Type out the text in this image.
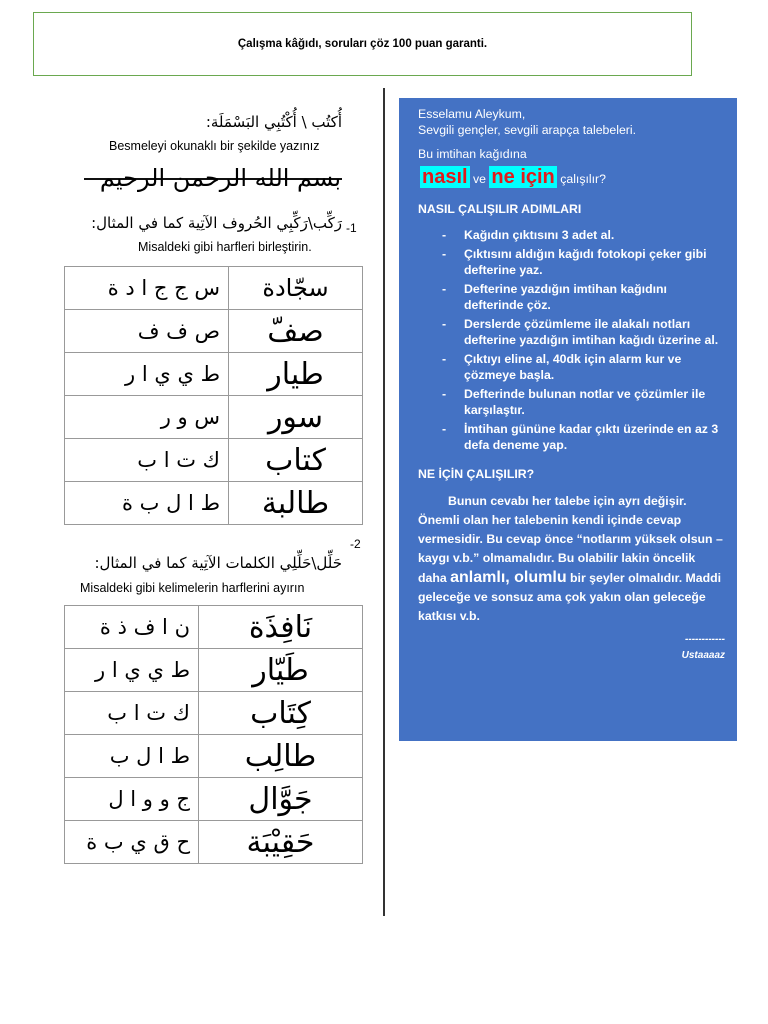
Çalışma kâğıdı, soruları çöz 100 puan garanti.
أُكتُب \ أُكْتُبِي البَسْمَلَة:
Besmeleyi okunaklı bir şekilde yazınız
بسم الله الرحمن الرحيم
-1
رَكِّب\رَكِّبِي الحُروف الآتِية كما في المثال:
Misaldeki gibi harfleri birleştirin.
س ج ج ا د ة	سجّادة
ص ف ف	صفّ
ط ي ي ا ر	طيار
س و ر	سور
ك ت ا ب	كتاب
ط ا ل ب ة	طالبة
-2
حَلِّل\حَلِّلِي الكلمات الآتِية كما في المثال:
Misaldeki gibi kelimelerin harflerini ayırın
ن ا ف ذ ة	نَافِذَة
ط ي ي ا ر	طَيّار
ك ت ا ب	كِتَاب
ط ا ل ب	طالِب
ج و و ا ل	جَوَّال
ح ق ي ب ة	حَقِيْبَة

Esselamu Aleykum,

Sevgili gençler, sevgili arapça talebeleri.

Bu imtihan kağıdına

nasıl ve ne için çalışılır?

NASIL ÇALIŞILIR ADIMLARI

- Kağıdın çıktısını 3 adet al.
- Çıktısını aldığın kağıdı fotokopi çeker gibi defterine yaz.
- Defterine yazdığın imtihan kağıdını defterinde çöz.
- Derslerde çözümleme ile alakalı notları defterine yazdığın imtihan kağıdı üzerine al.
- Çıktıyı eline al, 40dk için alarm kur ve çözmeye başla.
- Defterinde bulunan notlar ve çözümler ile karşılaştır.
- İmtihan gününe kadar çıktı üzerinde en az 3 defa deneme yap.

NE İÇİN ÇALIŞILIR?

Bunun cevabı her talebe için ayrı değişir. Önemli olan her talebenin kendi içinde cevap vermesidir. Bu cevap önce “notlarım yüksek olsun – kaygı v.b.” olmamalıdır. Bu olabilir lakin öncelik daha anlamlı, olumlu bir şeyler olmalıdır. Maddi geleceğe ve sonsuz ama çok yakın olan geleceğe katkısı v.b.

------------

Ustaaaaz
